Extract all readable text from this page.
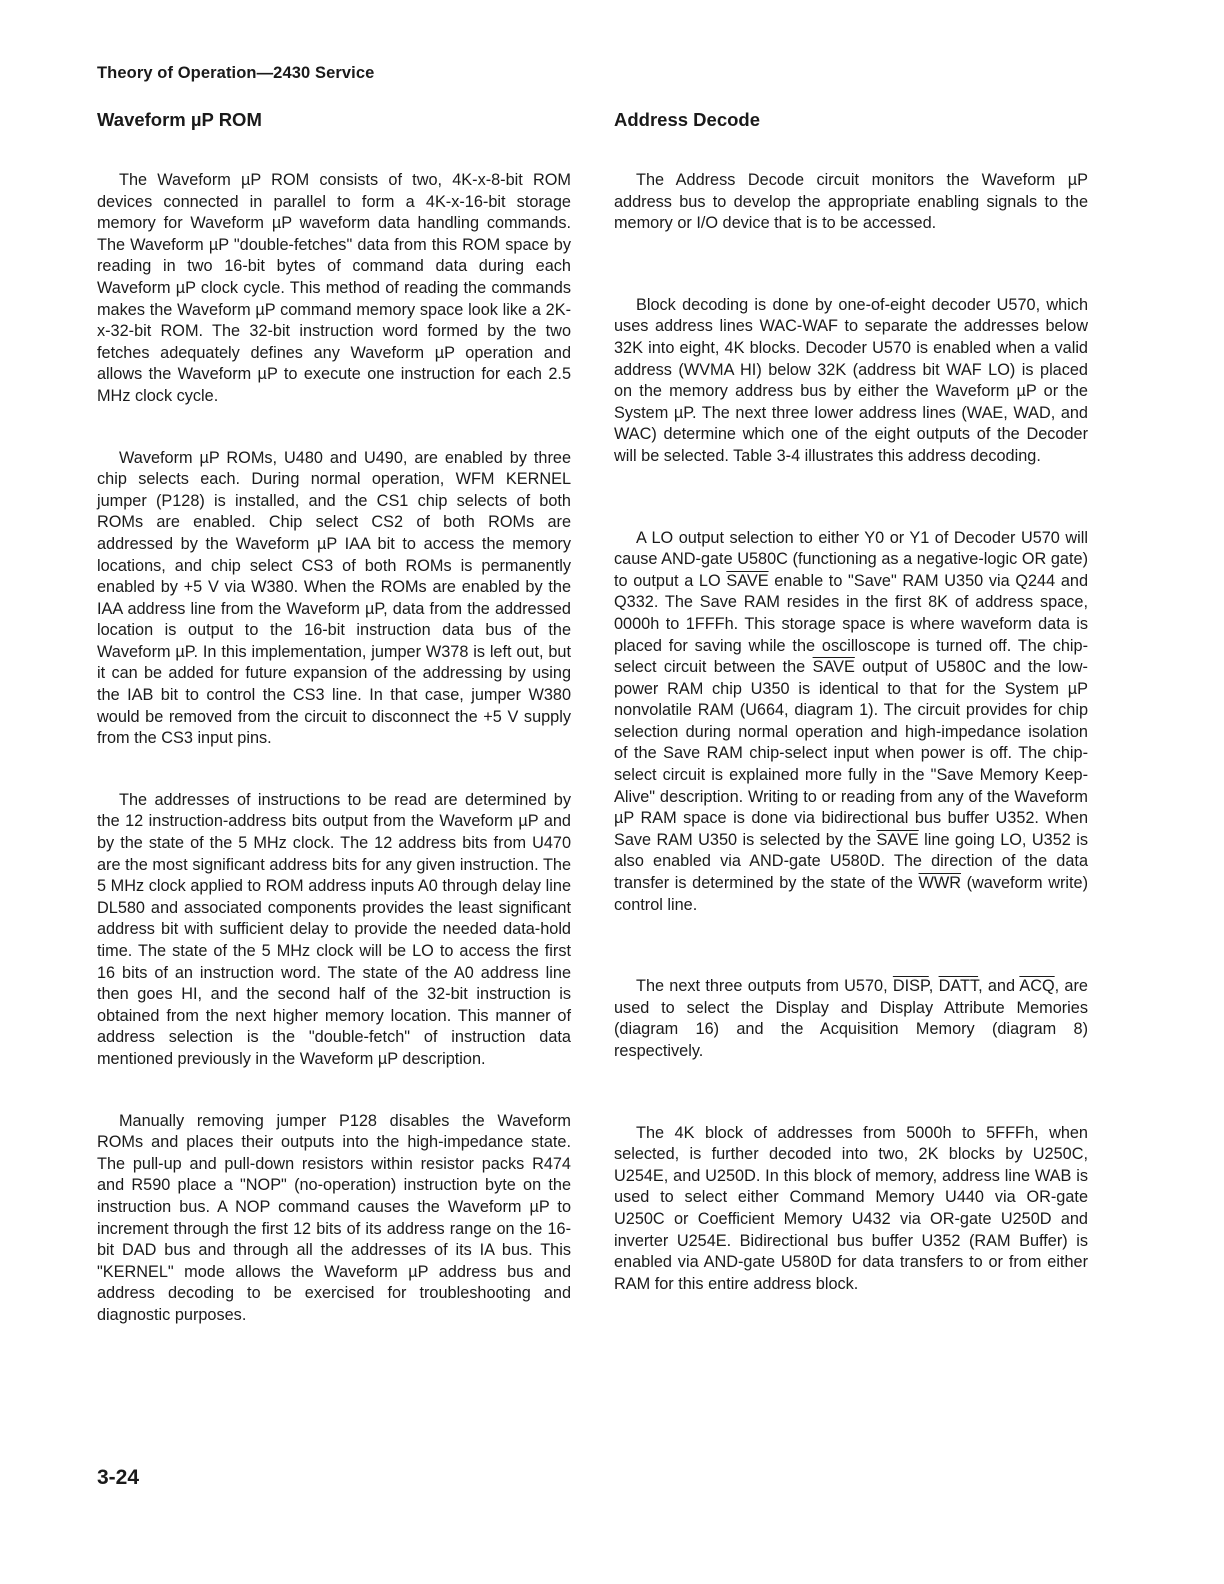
Theory of Operation—2430 Service
Waveform µP ROM

The Waveform µP ROM consists of two, 4K-x-8-bit ROM devices connected in parallel to form a 4K-x-16-bit storage memory for Waveform µP waveform data handling commands. The Waveform µP "double-fetches" data from this ROM space by reading in two 16-bit bytes of command data during each Waveform µP clock cycle. This method of reading the commands makes the Waveform µP command memory space look like a 2K-x-32-bit ROM. The 32-bit instruction word formed by the two fetches adequately defines any Waveform µP operation and allows the Waveform µP to execute one instruction for each 2.5 MHz clock cycle.

Waveform µP ROMs, U480 and U490, are enabled by three chip selects each. During normal operation, WFM KERNEL jumper (P128) is installed, and the CS1 chip selects of both ROMs are enabled. Chip select CS2 of both ROMs are addressed by the Waveform µP IAA bit to access the memory locations, and chip select CS3 of both ROMs is permanently enabled by +5 V via W380. When the ROMs are enabled by the IAA address line from the Waveform µP, data from the addressed location is output to the 16-bit instruction data bus of the Waveform µP. In this implementation, jumper W378 is left out, but it can be added for future expansion of the addressing by using the IAB bit to control the CS3 line. In that case, jumper W380 would be removed from the circuit to disconnect the +5 V supply from the CS3 input pins.

The addresses of instructions to be read are determined by the 12 instruction-address bits output from the Waveform µP and by the state of the 5 MHz clock. The 12 address bits from U470 are the most significant address bits for any given instruction. The 5 MHz clock applied to ROM address inputs A0 through delay line DL580 and associated components provides the least significant address bit with sufficient delay to provide the needed data-hold time. The state of the 5 MHz clock will be LO to access the first 16 bits of an instruction word. The state of the A0 address line then goes HI, and the second half of the 32-bit instruction is obtained from the next higher memory location. This manner of address selection is the "double-fetch" of instruction data mentioned previously in the Waveform µP description.

Manually removing jumper P128 disables the Waveform ROMs and places their outputs into the high-impedance state. The pull-up and pull-down resistors within resistor packs R474 and R590 place a "NOP" (no-operation) instruction byte on the instruction bus. A NOP command causes the Waveform µP to increment through the first 12 bits of its address range on the 16-bit DAD bus and through all the addresses of its IA bus. This "KERNEL" mode allows the Waveform µP address bus and address decoding to be exercised for troubleshooting and diagnostic purposes.

Address Decode

The Address Decode circuit monitors the Waveform µP address bus to develop the appropriate enabling signals to the memory or I/O device that is to be accessed.

Block decoding is done by one-of-eight decoder U570, which uses address lines WAC-WAF to separate the addresses below 32K into eight, 4K blocks. Decoder U570 is enabled when a valid address (WVMA HI) below 32K (address bit WAF LO) is placed on the memory address bus by either the Waveform µP or the System µP. The next three lower address lines (WAE, WAD, and WAC) determine which one of the eight outputs of the Decoder will be selected. Table 3-4 illustrates this address decoding.

A LO output selection to either Y0 or Y1 of Decoder U570 will cause AND-gate U580C (functioning as a negative-logic OR gate) to output a LO SAVE enable to "Save" RAM U350 via Q244 and Q332. The Save RAM resides in the first 8K of address space, 0000h to 1FFFh. This storage space is where waveform data is placed for saving while the oscilloscope is turned off. The chip-select circuit between the SAVE output of U580C and the low-power RAM chip U350 is identical to that for the System µP nonvolatile RAM (U664, diagram 1). The circuit provides for chip selection during normal operation and high-impedance isolation of the Save RAM chip-select input when power is off. The chip-select circuit is explained more fully in the "Save Memory Keep-Alive" description. Writing to or reading from any of the Waveform µP RAM space is done via bidirectional bus buffer U352. When Save RAM U350 is selected by the SAVE line going LO, U352 is also enabled via AND-gate U580D. The direction of the data transfer is determined by the state of the $\overline{WWR}$ (waveform write) control line.

The next three outputs from U570, DISP, DATT, and $\overline{ACQ}$, are used to select the Display and Display Attribute Memories (diagram 16) and the Acquisition Memory (diagram 8) respectively.

The 4K block of addresses from 5000h to 5FFFh, when selected, is further decoded into two, 2K blocks by U250C, U254E, and U250D. In this block of memory, address line WAB is used to select either Command Memory U440 via OR-gate U250C or Coefficient Memory U432 via OR-gate U250D and inverter U254E. Bidirectional bus buffer U352 (RAM Buffer) is enabled via AND-gate U580D for data transfers to or from either RAM for this entire address block.

3-24
